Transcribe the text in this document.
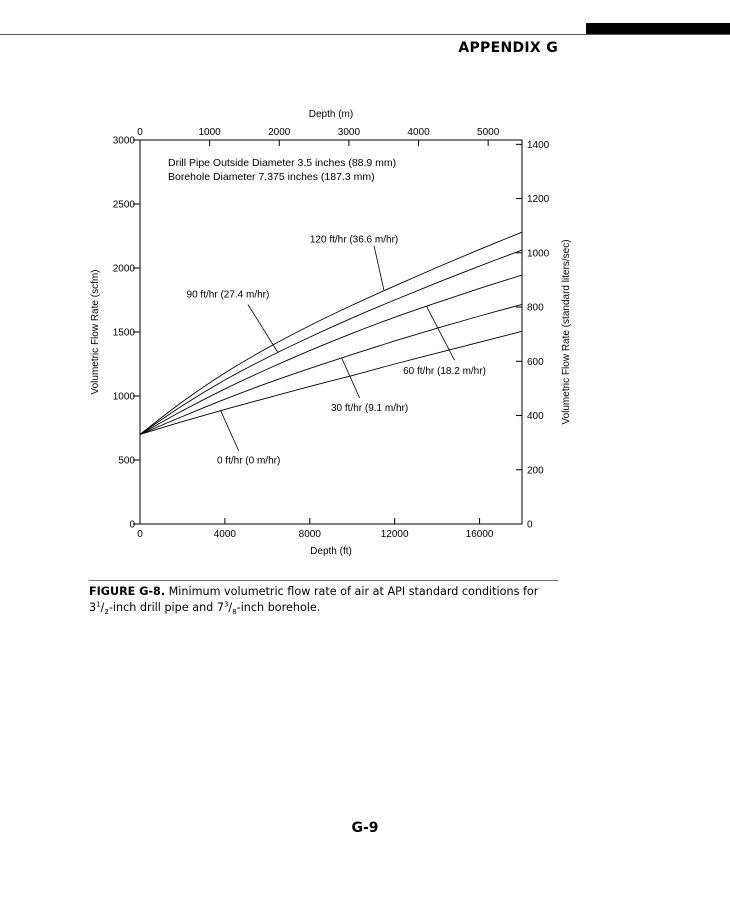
APPENDIX G
0	4000	8000	12000	16000
Depth (ft)
0	1000	2000	3000	4000	5000
Depth (m)
0
500
1000
1500
2000
2500
3000
Volumetric Flow Rate (scfm)
0
200
400
600
800
1000
1200
1400
Volumetric Flow Rate (standard liters/sec)
120 ft/hr (36.6 m/hr)
90 ft/hr (27.4 m/hr)
60 ft/hr (18.2 m/hr)
30 ft/hr (9.1 m/hr)
0 ft/hr (0 m/hr)
Drill Pipe Outside Diameter 3.5 inches (88.9 mm)
Borehole Diameter 7.375 inches (187.3 mm)
FIGURE G-8. Minimum volumetric flow rate of air at API standard conditions for $3^1/_2$-inch drill pipe and $7^3/_8$-inch borehole.
G-9
